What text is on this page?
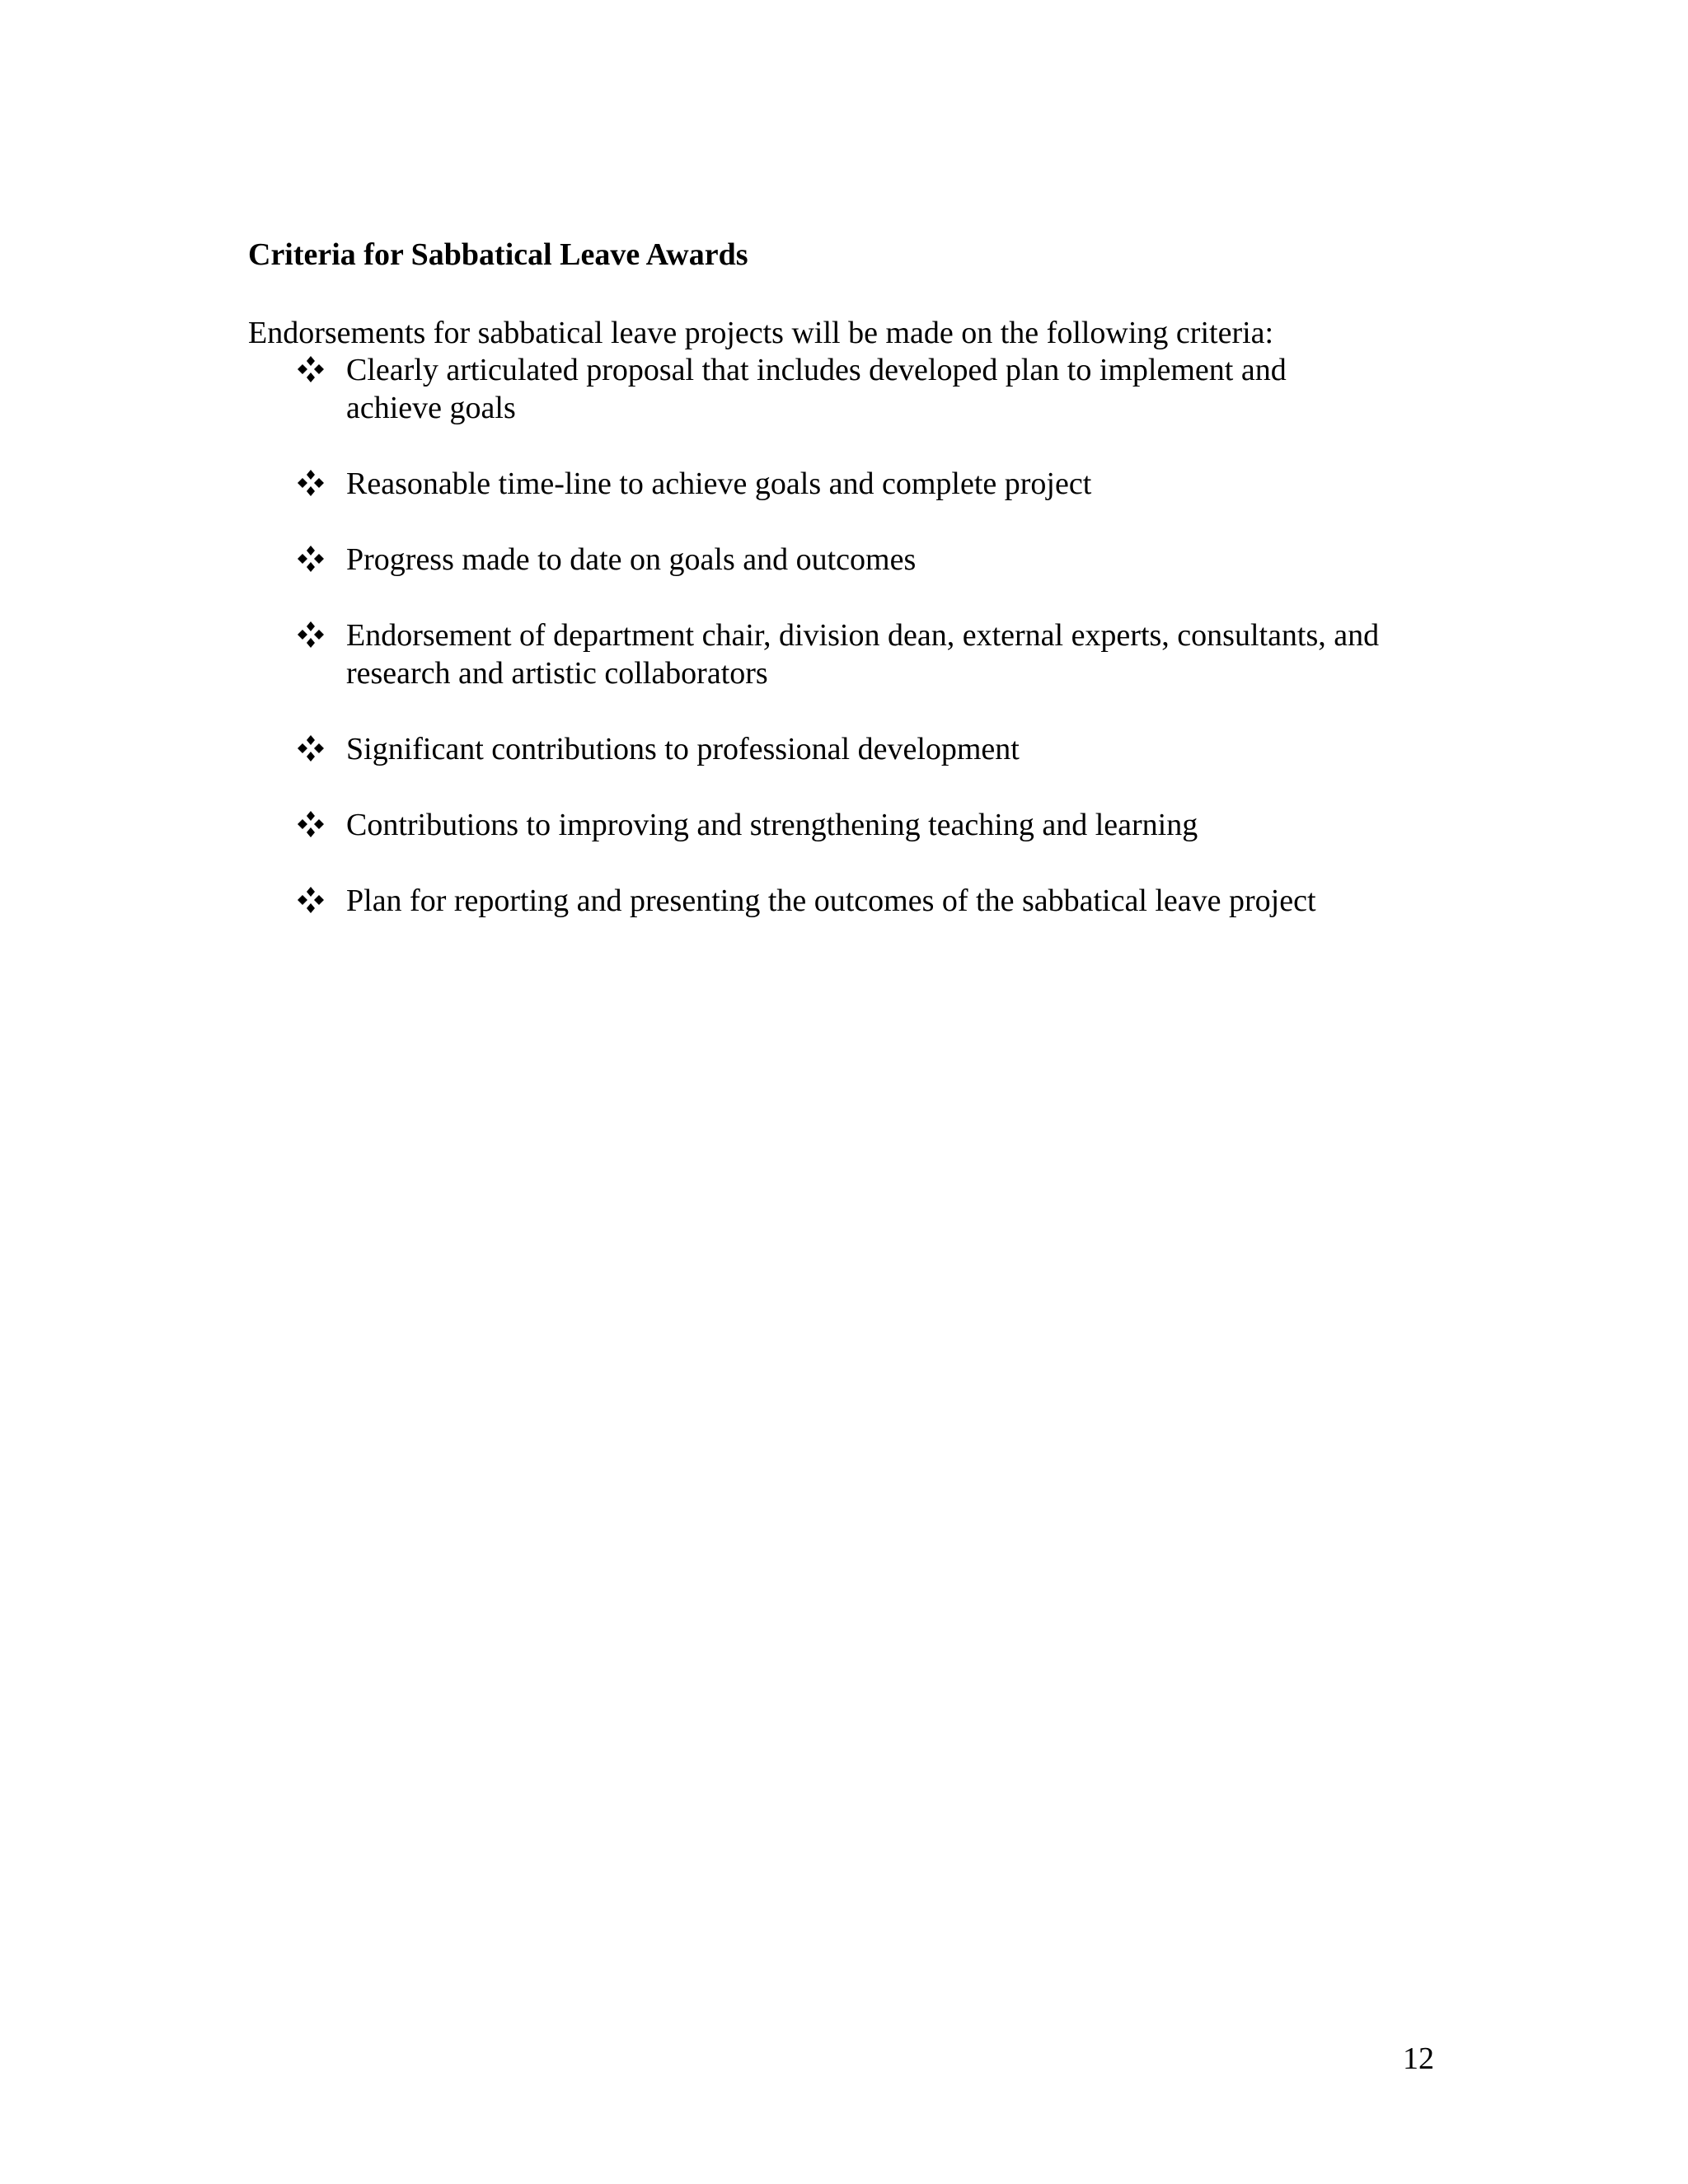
Criteria for Sabbatical Leave Awards

Endorsements for sabbatical leave projects will be made on the following criteria:

Clearly articulated proposal that includes developed plan to implement and achieve goals
Reasonable time-line to achieve goals and complete project
Progress made to date on goals and outcomes
Endorsement of department chair, division dean, external experts, consultants, and research and artistic collaborators
Significant contributions to professional development
Contributions to improving and strengthening teaching and learning
Plan for reporting and presenting the outcomes of the sabbatical leave project

12
